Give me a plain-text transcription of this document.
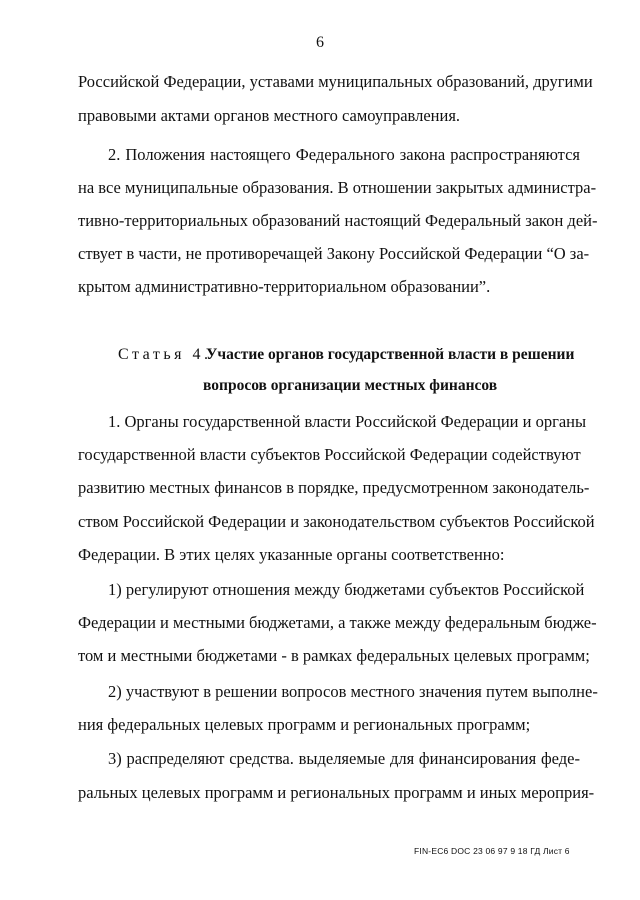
6
Российской Федерации, уставами муниципальных образований, другими
правовыми актами органов местного самоуправления.
2. Положения настоящего Федерального закона распространяются
на все муниципальные образования. В отношении закрытых администра-
тивно-территориальных образований настоящий Федеральный закон дей-
ствует в части, не противоречащей Закону Российской Федерации “О за-
крытом административно-территориальном образовании”.
Статья 4.
Участие органов государственной власти в решении
вопросов организации местных финансов
1. Органы государственной власти Российской Федерации и органы
государственной власти субъектов Российской Федерации содействуют
развитию местных финансов в порядке, предусмотренном законодатель-
ством Российской Федерации и законодательством субъектов Российской
Федерации. В этих целях указанные органы соответственно:
1) регулируют отношения между бюджетами субъектов Российской
Федерации и местными бюджетами, а также между федеральным бюдже-
том и местными бюджетами - в рамках федеральных целевых программ;
2) участвуют в решении вопросов местного значения путем выполне-
ния федеральных целевых программ и региональных программ;
3) распределяют средства. выделяемые для финансирования феде-
ральных целевых программ и региональных программ и иных мероприя-
FIN-EC6 DOC 23 06 97 9 18 ГД Лист 6
